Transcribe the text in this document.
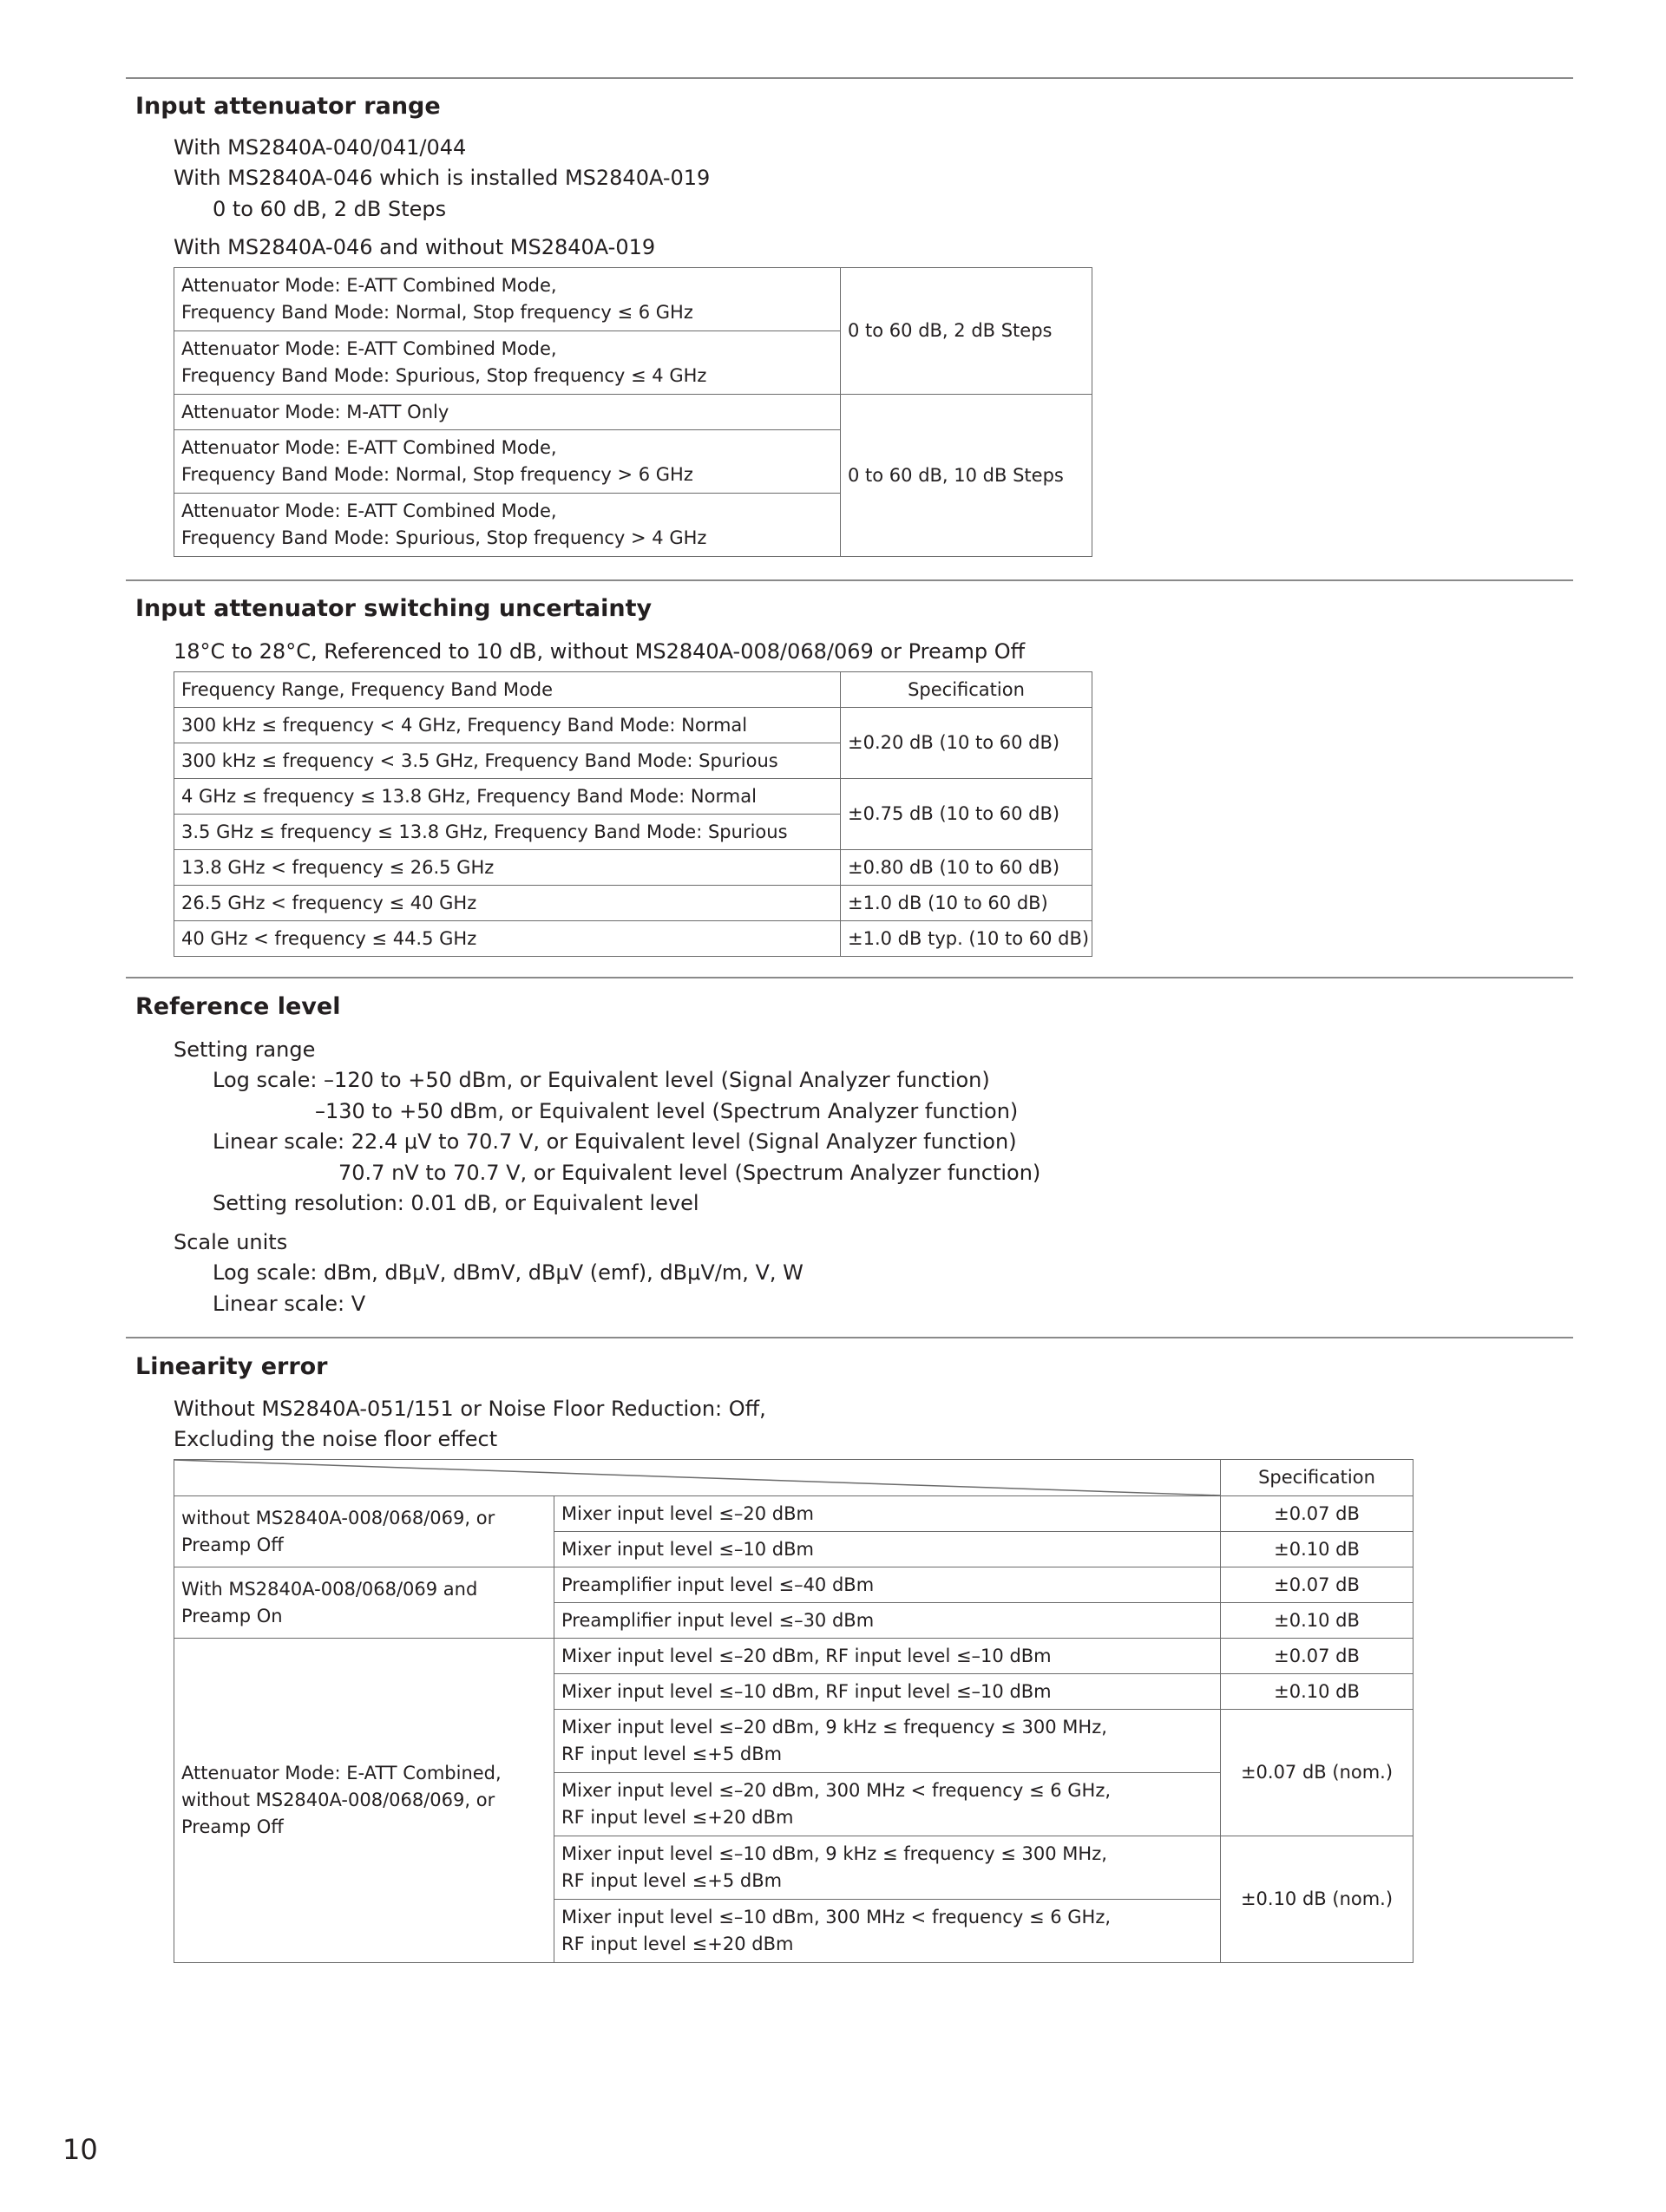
Input attenuator range

With MS2840A-040/041/044

With MS2840A-046 which is installed MS2840A-019

0 to 60 dB, 2 dB Steps

With MS2840A-046 and without MS2840A-019

Attenuator Mode: E-ATT Combined Mode,
Frequency Band Mode: Normal, Stop frequency ≤ 6 GHz	0 to 60 dB, 2 dB Steps
Attenuator Mode: E-ATT Combined Mode,
Frequency Band Mode: Spurious, Stop frequency ≤ 4 GHz	
Attenuator Mode: M-ATT Only	0 to 60 dB, 10 dB Steps
Attenuator Mode: E-ATT Combined Mode,
Frequency Band Mode: Normal, Stop frequency > 6 GHz	
Attenuator Mode: E-ATT Combined Mode,
Frequency Band Mode: Spurious, Stop frequency > 4 GHz	
Input attenuator switching uncertainty

18°C to 28°C, Referenced to 10 dB, without MS2840A-008/068/069 or Preamp Off

Frequency Range, Frequency Band Mode	Specification
300 kHz ≤ frequency < 4 GHz, Frequency Band Mode: Normal	±0.20 dB (10 to 60 dB)
300 kHz ≤ frequency < 3.5 GHz, Frequency Band Mode: Spurious	
4 GHz ≤ frequency ≤ 13.8 GHz, Frequency Band Mode: Normal	±0.75 dB (10 to 60 dB)
3.5 GHz ≤ frequency ≤ 13.8 GHz, Frequency Band Mode: Spurious	
13.8 GHz < frequency ≤ 26.5 GHz	±0.80 dB (10 to 60 dB)
26.5 GHz < frequency ≤ 40 GHz	±1.0 dB (10 to 60 dB)
40 GHz < frequency ≤ 44.5 GHz	±1.0 dB typ. (10 to 60 dB)
Reference level

Setting range

Log scale: –120 to +50 dBm, or Equivalent level (Signal Analyzer function)

–130 to +50 dBm, or Equivalent level (Spectrum Analyzer function)

Linear scale: 22.4 μV to 70.7 V, or Equivalent level (Signal Analyzer function)

70.7 nV to 70.7 V, or Equivalent level (Spectrum Analyzer function)

Setting resolution: 0.01 dB, or Equivalent level

Scale units

Log scale: dBm, dBμV, dBmV, dBμV (emf), dBμV/m, V, W

Linear scale: V

Linearity error

Without MS2840A-051/151 or Noise Floor Reduction: Off,

Excluding the noise floor effect

	Specification
without MS2840A-008/068/069, or Preamp Off	Mixer input level ≤–20 dBm	±0.07 dB
	Mixer input level ≤–10 dBm	±0.10 dB
With MS2840A-008/068/069 and Preamp On	Preamplifier input level ≤–40 dBm	±0.07 dB
	Preamplifier input level ≤–30 dBm	±0.10 dB
Attenuator Mode: E-ATT Combined, without MS2840A-008/068/069, or Preamp Off	Mixer input level ≤–20 dBm, RF input level ≤–10 dBm	±0.07 dB
	Mixer input level ≤–10 dBm, RF input level ≤–10 dBm	±0.10 dB
	Mixer input level ≤–20 dBm, 9 kHz ≤ frequency ≤ 300 MHz,
RF input level ≤+5 dBm	±0.07 dB (nom.)
	Mixer input level ≤–20 dBm, 300 MHz < frequency ≤ 6 GHz,
RF input level ≤+20 dBm	
	Mixer input level ≤–10 dBm, 9 kHz ≤ frequency ≤ 300 MHz,
RF input level ≤+5 dBm	±0.10 dB (nom.)
	Mixer input level ≤–10 dBm, 300 MHz < frequency ≤ 6 GHz,
RF input level ≤+20 dBm	
10
